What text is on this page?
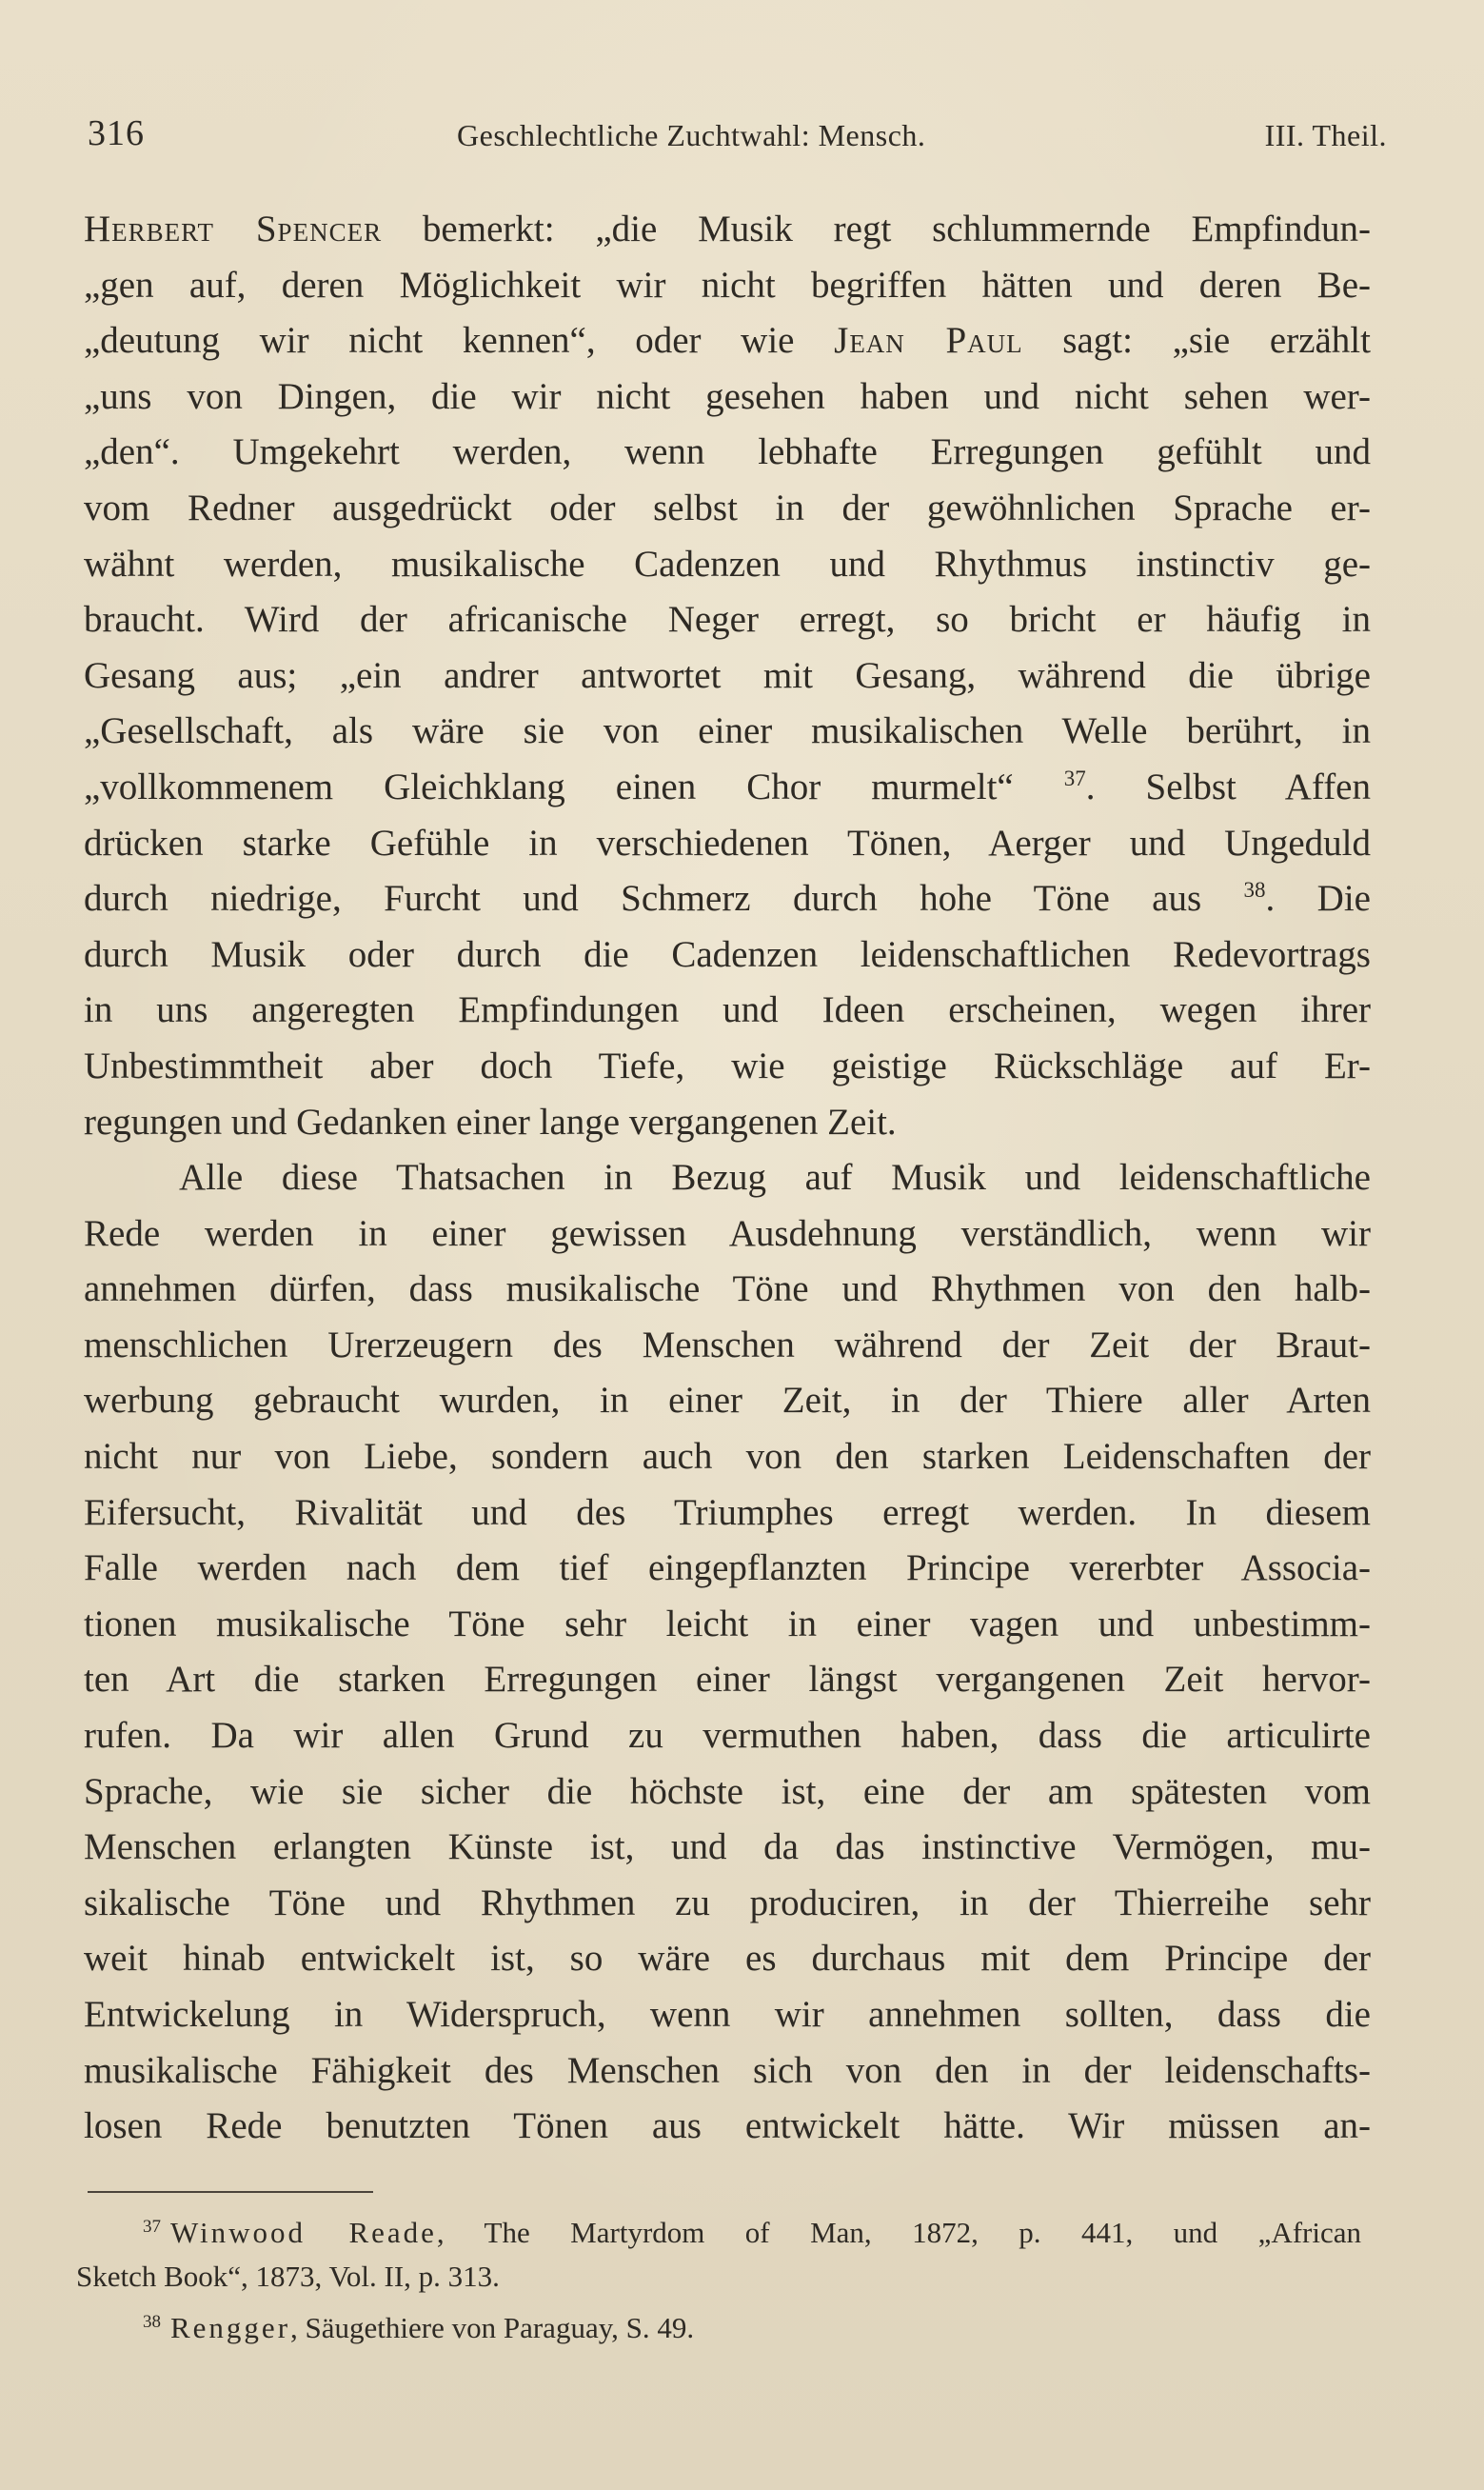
316	Geschlechtliche Zuchtwahl: Mensch.	III. Theil.
Herbert Spencer bemerkt: „die Musik regt schlummernde Empfindun-
„gen auf, deren Möglichkeit wir nicht begriffen hätten und deren Be-
„deutung wir nicht kennen“, oder wie Jean Paul sagt: „sie erzählt
„uns von Dingen, die wir nicht gesehen haben und nicht sehen wer-
„den“. Umgekehrt werden, wenn lebhafte Erregungen gefühlt und
vom Redner ausgedrückt oder selbst in der gewöhnlichen Sprache er-
wähnt werden, musikalische Cadenzen und Rhythmus instinctiv ge-
braucht. Wird der africanische Neger erregt, so bricht er häufig in
Gesang aus; „ein andrer antwortet mit Gesang, während die übrige
„Gesellschaft, als wäre sie von einer musikalischen Welle berührt, in
„vollkommenem Gleichklang einen Chor murmelt“ $^{37}$. Selbst Affen
drücken starke Gefühle in verschiedenen Tönen, Aerger und Ungeduld
durch niedrige, Furcht und Schmerz durch hohe Töne aus $^{38}$. Die
durch Musik oder durch die Cadenzen leidenschaftlichen Redevortrags
in uns angeregten Empfindungen und Ideen erscheinen, wegen ihrer
Unbestimmtheit aber doch Tiefe, wie geistige Rückschläge auf Er-
regungen und Gedanken einer lange vergangenen Zeit.
Alle diese Thatsachen in Bezug auf Musik und leidenschaftliche
Rede werden in einer gewissen Ausdehnung verständlich, wenn wir
annehmen dürfen, dass musikalische Töne und Rhythmen von den halb-
menschlichen Urerzeugern des Menschen während der Zeit der Braut-
werbung gebraucht wurden, in einer Zeit, in der Thiere aller Arten
nicht nur von Liebe, sondern auch von den starken Leidenschaften der
Eifersucht, Rivalität und des Triumphes erregt werden. In diesem
Falle werden nach dem tief eingepflanzten Principe vererbter Associa-
tionen musikalische Töne sehr leicht in einer vagen und unbestimm-
ten Art die starken Erregungen einer längst vergangenen Zeit hervor-
rufen. Da wir allen Grund zu vermuthen haben, dass die articulirte
Sprache, wie sie sicher die höchste ist, eine der am spätesten vom
Menschen erlangten Künste ist, und da das instinctive Vermögen, mu-
sikalische Töne und Rhythmen zu produciren, in der Thierreihe sehr
weit hinab entwickelt ist, so wäre es durchaus mit dem Principe der
Entwickelung in Widerspruch, wenn wir annehmen sollten, dass die
musikalische Fähigkeit des Menschen sich von den in der leidenschafts-
losen Rede benutzten Tönen aus entwickelt hätte. Wir müssen an-
$^{37}$ Winwood Reade, The Martyrdom of Man, 1872, p. 441, und „African
Sketch Book“, 1873, Vol. II, p. 313.
$^{38}$ Rengger, Säugethiere von Paraguay, S. 49.
